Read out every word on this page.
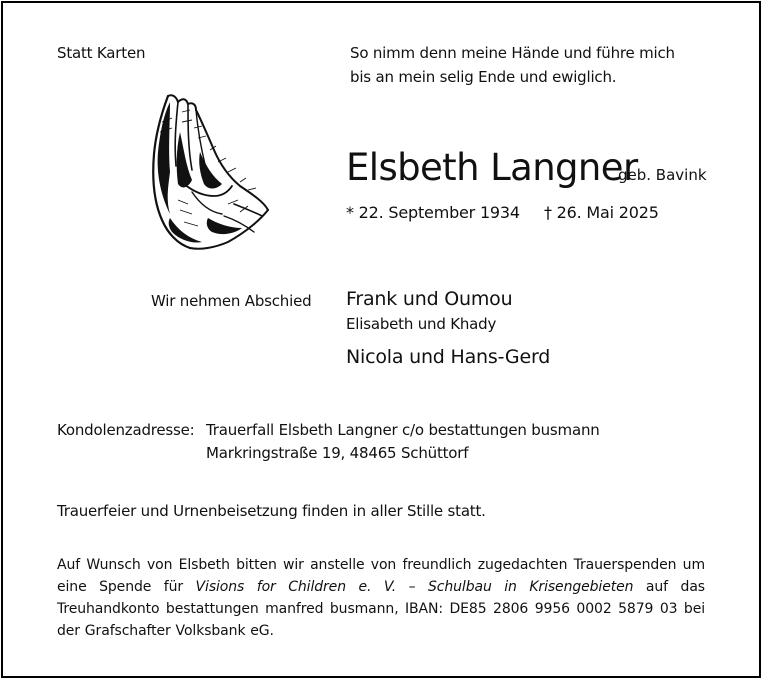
Statt Karten	So nimm denn meine Hände und führe mich
bis an mein selig Ende und ewiglich.
Elsbeth Langner
geb. Bavink
* 22. September 1934 † 26. Mai 2025
Wir nehmen Abschied Frank und Oumou
Elisabeth und Khady
Nicola und Hans-Gerd
Kondolenzadresse: Trauerfall Elsbeth Langner c/o bestattungen busmann
Markringstraße 19, 48465 Schüttorf
Trauerfeier und Urnenbeisetzung finden in aller Stille statt.
Auf Wunsch von Elsbeth bitten wir anstelle von freundlich zugedachten Trauerspenden um eine Spende für Visions for Children e. V. – Schulbau in Krisengebieten auf das Treuhandkonto bestattungen manfred busmann, IBAN: DE85 2806 9956 0002 5879 03 bei der Grafschafter Volksbank eG.
